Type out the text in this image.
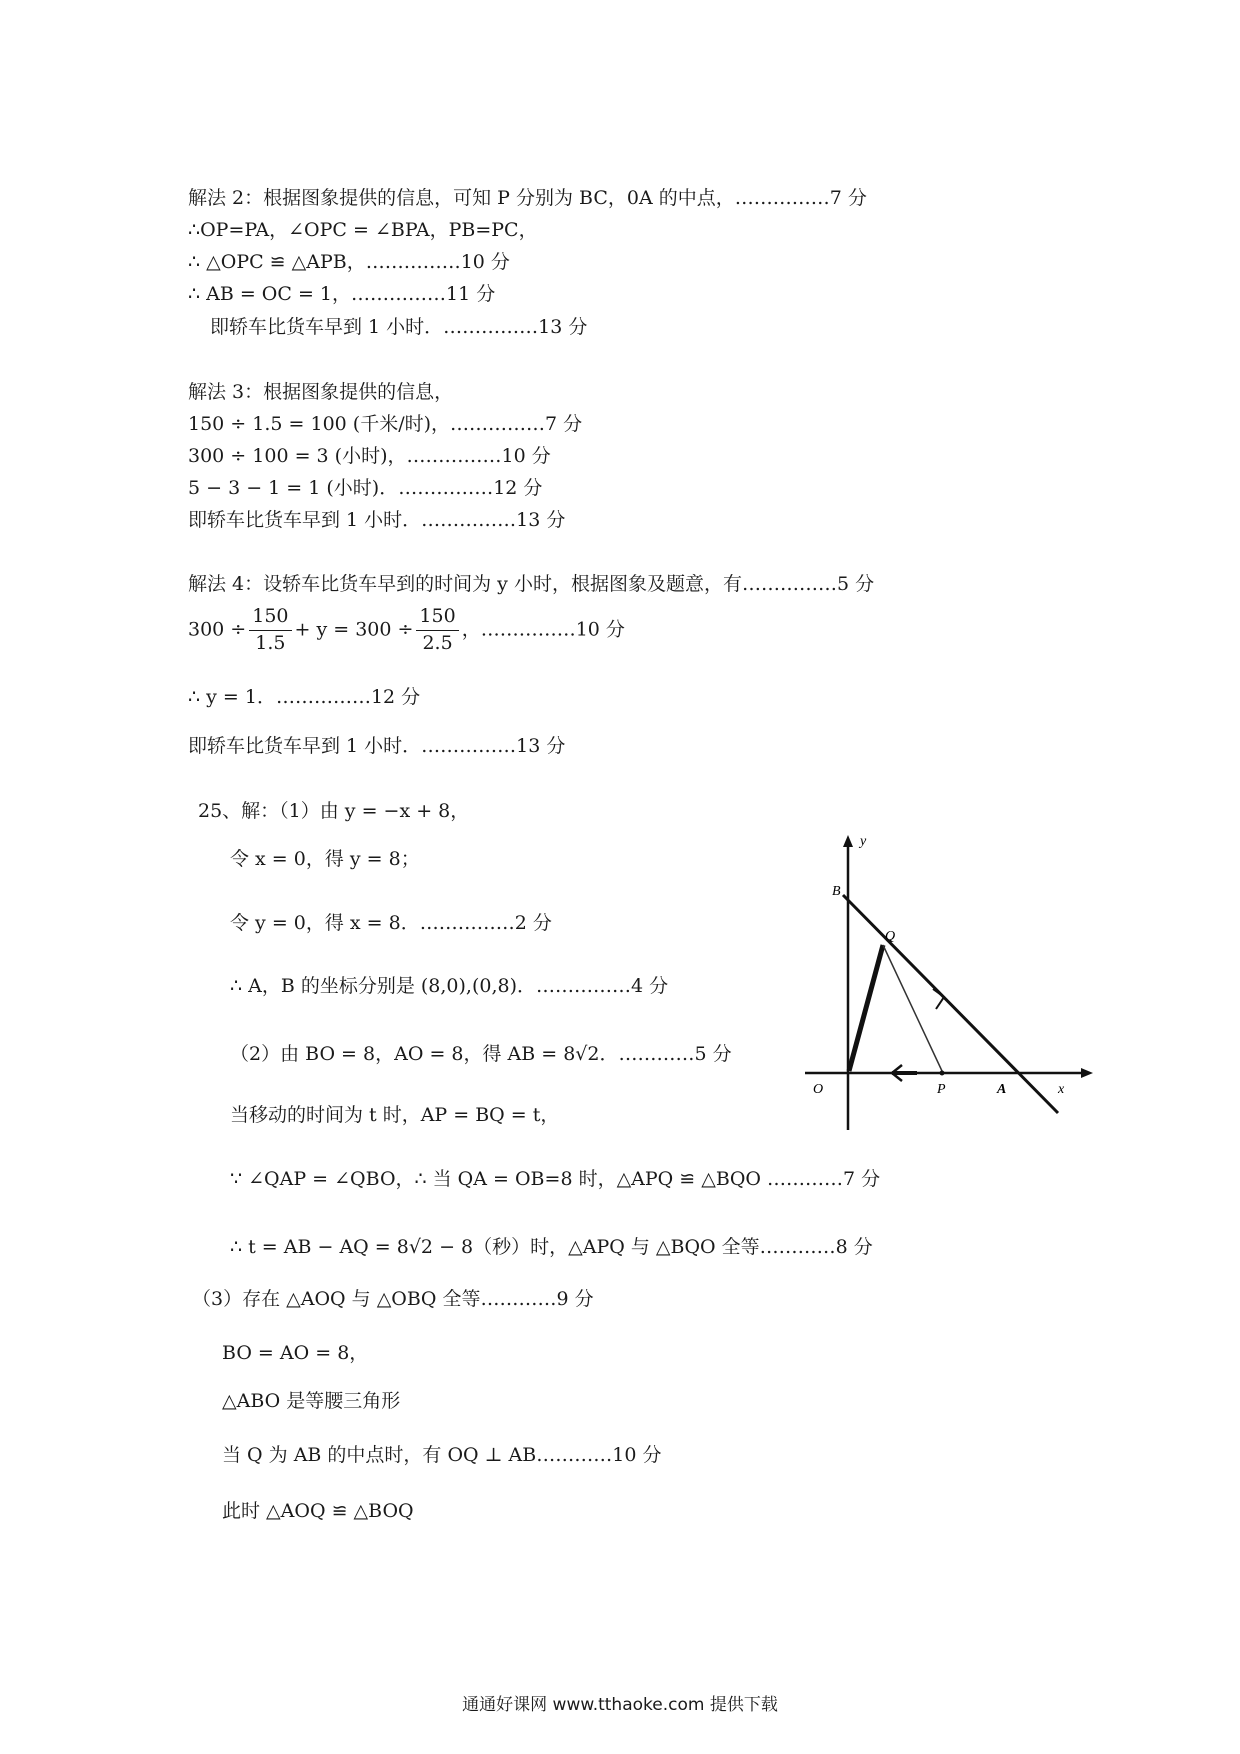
解法 2：根据图象提供的信息，可知 P 分别为 BC，0A 的中点，……………7 分
∴OP=PA，∠OPC = ∠BPA，PB=PC，
∴ △OPC ≌ △APB，……………10 分
∴ AB = OC = 1，……………11 分
即轿车比货车早到 1 小时．……………13 分
解法 3：根据图象提供的信息，
150 ÷ 1.5 = 100 (千米/时)，……………7 分
300 ÷ 100 = 3 (小时)，……………10 分
5 − 3 − 1 = 1 (小时)．……………12 分
即轿车比货车早到 1 小时．……………13 分
解法 4：设轿车比货车早到的时间为 y 小时，根据图象及题意，有……………5 分
$300 \div \frac{150}{1.5} + y = 300 \div \frac{150}{2.5}$ ，……………10 分
∴ y = 1．……………12 分
即轿车比货车早到 1 小时．……………13 分
25、解：（1）由 y = −x + 8，
令 x = 0，得 y = 8；
令 y = 0，得 x = 8．……………2 分
∴ A，B 的坐标分别是 (8,0),(0,8)．……………4 分
（2）由 BO = 8，AO = 8，得 AB = 8√2．…………5 分
当移动的时间为 t 时，AP = BQ = t，
∵ ∠QAP = ∠QBO，∴ 当 QA = OB=8 时，△APQ ≌ △BQO …………7 分
∴ t = AB − AQ = 8√2 − 8（秒）时，△APQ 与 △BQO 全等…………8 分
（3）存在 △AOQ 与 △OBQ 全等…………9 分
BO = AO = 8，
△ABO 是等腰三角形
当 Q 为 AB 的中点时，有 OQ ⊥ AB…………10 分
此时 △AOQ ≌ △BOQ
y
x
B
Q
O	P	A
通通好课网 www.tthaoke.com 提供下载
